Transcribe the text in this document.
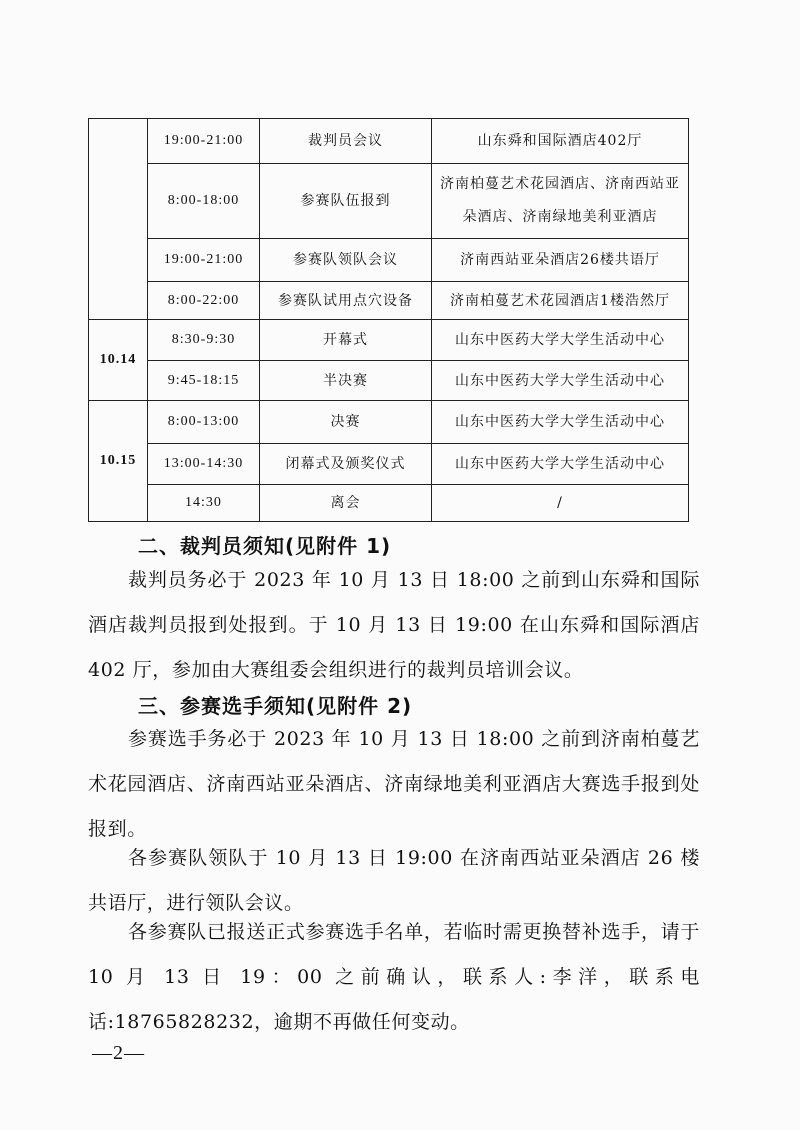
	19:00-21:00	裁判员会议	山东舜和国际酒店402厅
	8:00-18:00	参赛队伍报到	济南柏蔓艺术花园酒店、济南西站亚朵酒店、济南绿地美利亚酒店
	19:00-21:00	参赛队领队会议	济南西站亚朵酒店26楼共语厅
	8:00-22:00	参赛队试用点穴设备	济南柏蔓艺术花园酒店1楼浩然厅
10.14	8:30-9:30	开幕式	山东中医药大学大学生活动中心
	9:45-18:15	半决赛	山东中医药大学大学生活动中心
10.15	8:00-13:00	决赛	山东中医药大学大学生活动中心
	13:00-14:30	闭幕式及颁奖仪式	山东中医药大学大学生活动中心
	14:30	离会	/
二、裁判员须知(见附件 1)

裁判员务必于 2023 年 10 月 13 日 18:00 之前到山东舜和国际酒店裁判员报到处报到。于 10 月 13 日 19:00 在山东舜和国际酒店 402 厅，参加由大赛组委会组织进行的裁判员培训会议。

三、参赛选手须知(见附件 2)

参赛选手务必于 2023 年 10 月 13 日 18:00 之前到济南柏蔓艺术花园酒店、济南西站亚朵酒店、济南绿地美利亚酒店大赛选手报到处报到。

各参赛队领队于 10 月 13 日 19:00 在济南西站亚朵酒店 26 楼共语厅，进行领队会议。

各参赛队已报送正式参赛选手名单，若临时需更换替补选手，请于 10 月 13 日 19：00 之前确认，联系人:李洋，联系电话:18765828232，逾期不再做任何变动。

—2—
